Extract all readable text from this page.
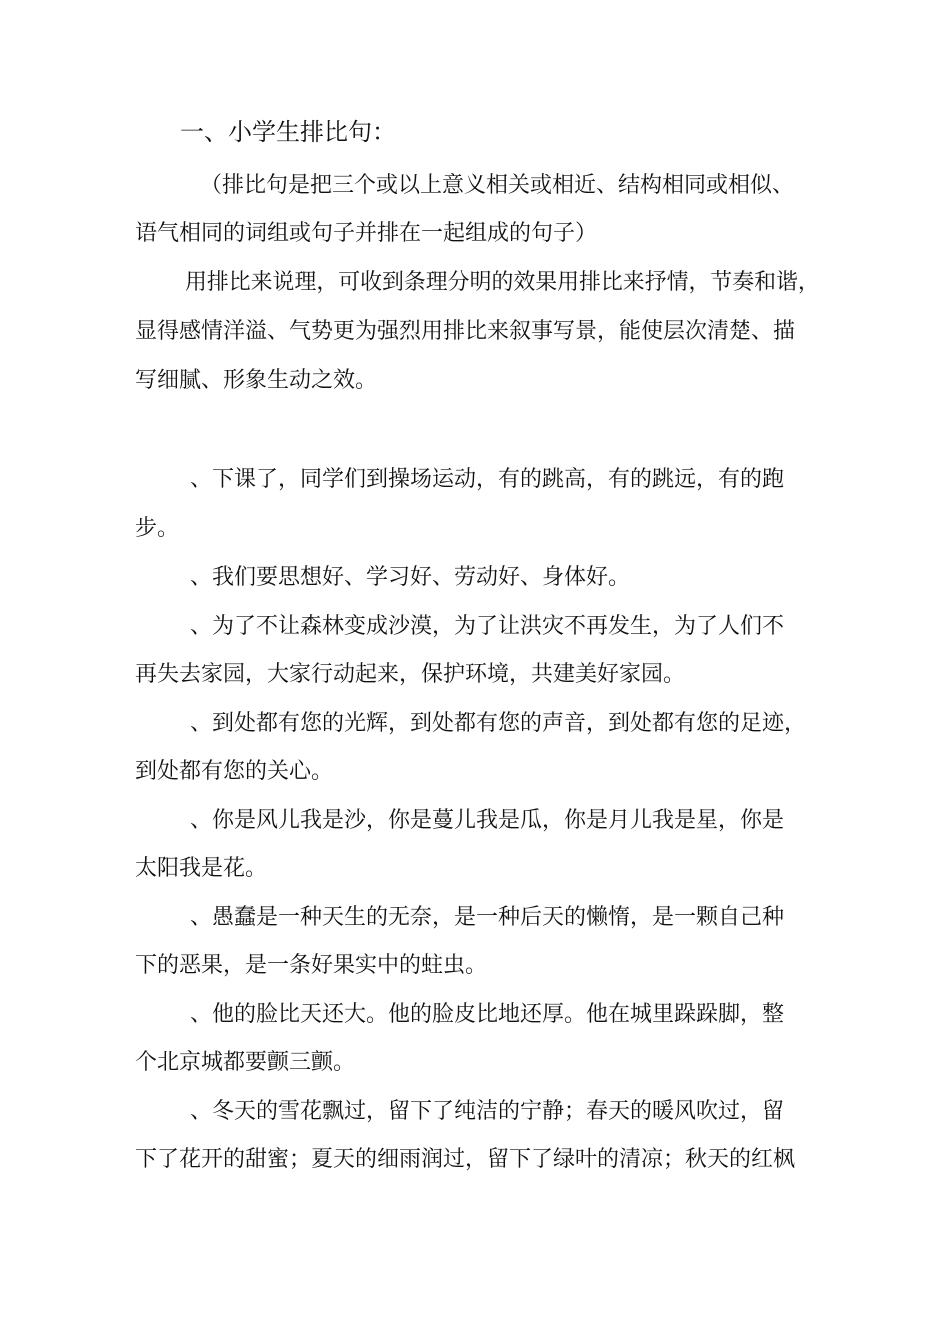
一、小学生排比句：
（排比句是把三个或以上意义相关或相近、结构相同或相似、
语气相同的词组或句子并排在一起组成的句子）
用排比来说理，可收到条理分明的效果用排比来抒情，节奏和谐，
显得感情洋溢、气势更为强烈用排比来叙事写景，能使层次清楚、描
写细腻、形象生动之效。
、下课了，同学们到操场运动，有的跳高，有的跳远，有的跑
步。
、我们要思想好、学习好、劳动好、身体好。
、为了不让森林变成沙漠，为了让洪灾不再发生，为了人们不
再失去家园，大家行动起来，保护环境，共建美好家园。
、到处都有您的光辉，到处都有您的声音，到处都有您的足迹，
到处都有您的关心。
、你是风儿我是沙，你是蔓儿我是瓜，你是月儿我是星，你是
太阳我是花。
、愚蠢是一种天生的无奈，是一种后天的懒惰，是一颗自己种
下的恶果，是一条好果实中的蛀虫。
、他的脸比天还大。他的脸皮比地还厚。他在城里跺跺脚，整
个北京城都要颤三颤。
、冬天的雪花飘过，留下了纯洁的宁静；春天的暖风吹过，留
下了花开的甜蜜；夏天的细雨润过，留下了绿叶的清凉；秋天的红枫
